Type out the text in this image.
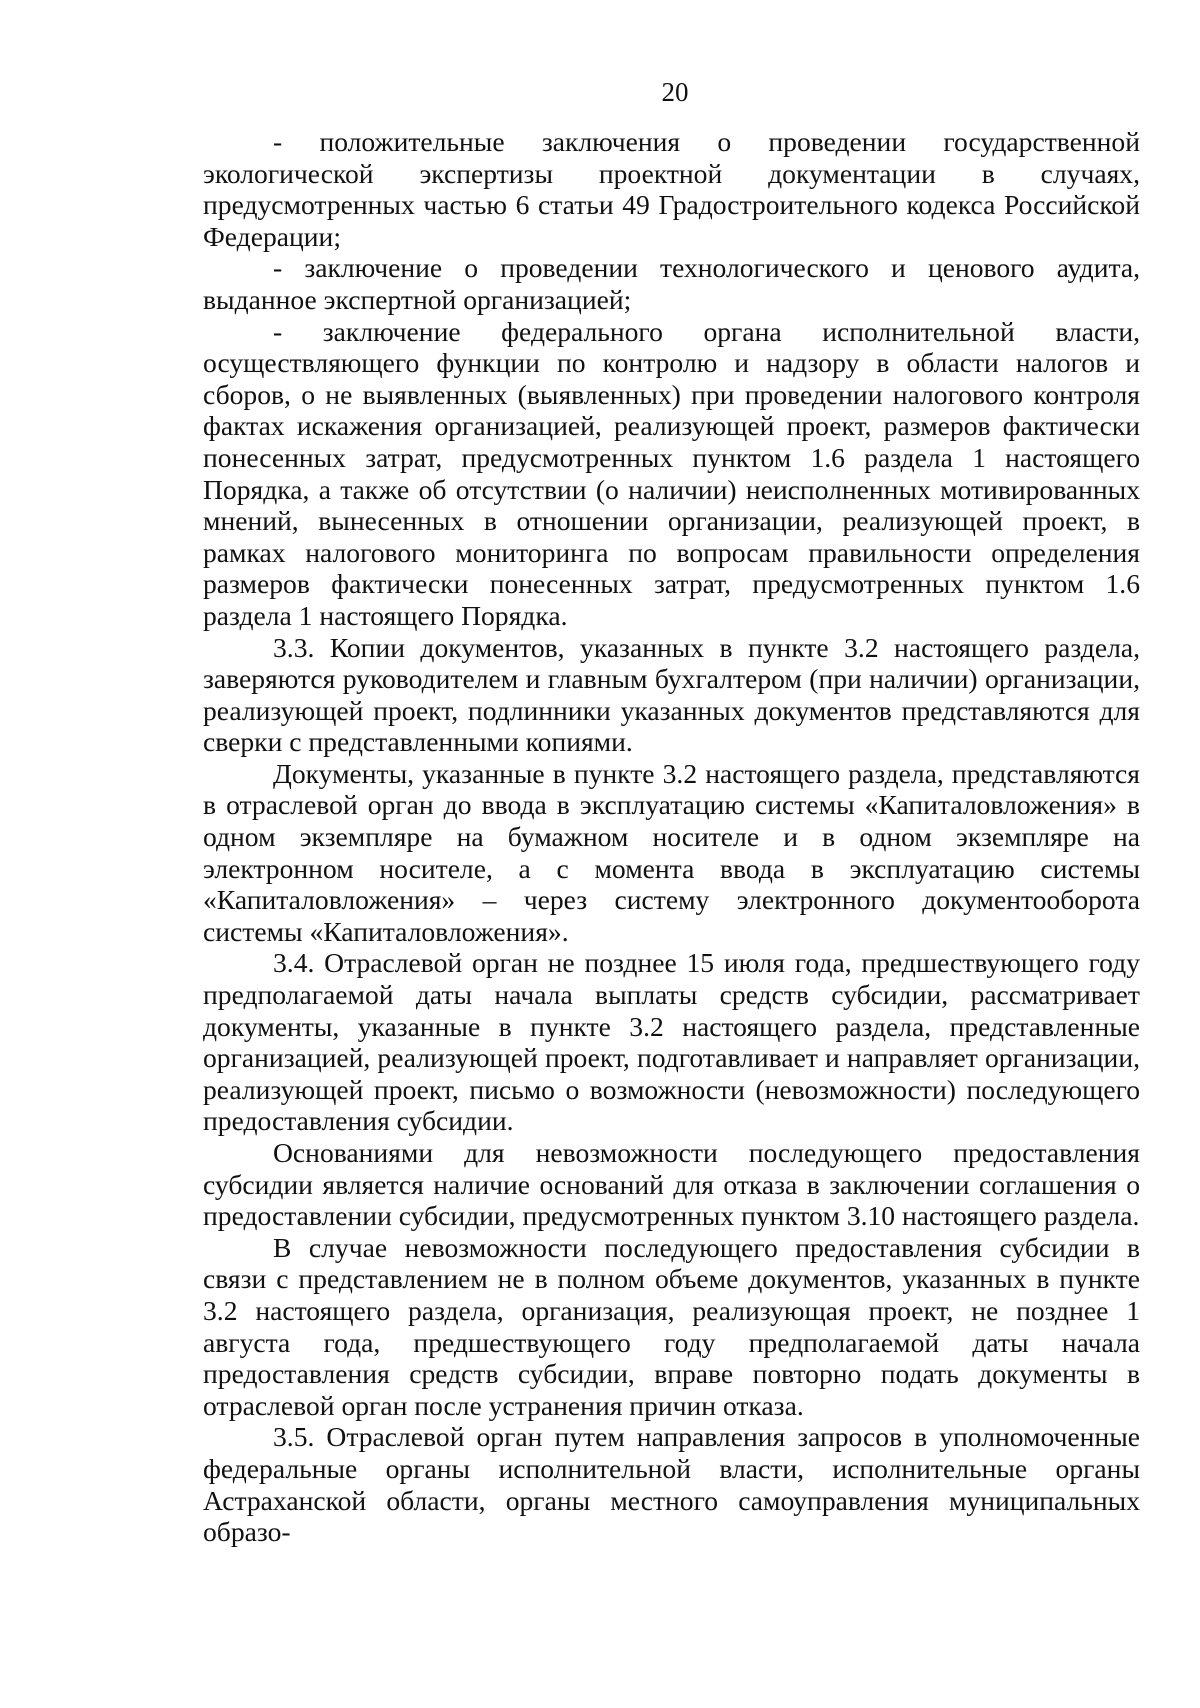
20

- положительные заключения о проведении государственной экологической экспертизы проектной документации в случаях, предусмотренных частью 6 статьи 49 Градостроительного кодекса Российской Федерации;

- заключение о проведении технологического и ценового аудита, выданное экспертной организацией;

- заключение федерального органа исполнительной власти, осуществляющего функции по контролю и надзору в области налогов и сборов, о не выявленных (выявленных) при проведении налогового контроля фактах искажения организацией, реализующей проект, размеров фактически понесенных затрат, предусмотренных пунктом 1.6 раздела 1 настоящего Порядка, а также об отсутствии (о наличии) неисполненных мотивированных мнений, вынесенных в отношении организации, реализующей проект, в рамках налогового мониторинга по вопросам правильности определения размеров фактически понесенных затрат, предусмотренных пунктом 1.6 раздела 1 настоящего Порядка.

3.3. Копии документов, указанных в пункте 3.2 настоящего раздела, заверяются руководителем и главным бухгалтером (при наличии) организации, реализующей проект, подлинники указанных документов представляются для сверки с представленными копиями.

Документы, указанные в пункте 3.2 настоящего раздела, представляются в отраслевой орган до ввода в эксплуатацию системы «Капиталовложения» в одном экземпляре на бумажном носителе и в одном экземпляре на электронном носителе, а с момента ввода в эксплуатацию системы «Капиталовложения» – через систему электронного документооборота системы «Капиталовложения».

3.4. Отраслевой орган не позднее 15 июля года, предшествующего году предполагаемой даты начала выплаты средств субсидии, рассматривает документы, указанные в пункте 3.2 настоящего раздела, представленные организацией, реализующей проект, подготавливает и направляет организации, реализующей проект, письмо о возможности (невозможности) последующего предоставления субсидии.

Основаниями для невозможности последующего предоставления субсидии является наличие оснований для отказа в заключении соглашения о предоставлении субсидии, предусмотренных пунктом 3.10 настоящего раздела.

В случае невозможности последующего предоставления субсидии в связи с представлением не в полном объеме документов, указанных в пункте 3.2 настоящего раздела, организация, реализующая проект, не позднее 1 августа года, предшествующего году предполагаемой даты начала предоставления средств субсидии, вправе повторно подать документы в отраслевой орган после устранения причин отказа.

3.5. Отраслевой орган путем направления запросов в уполномоченные федеральные органы исполнительной власти, исполнительные органы Астраханской области, органы местного самоуправления муниципальных образо-
